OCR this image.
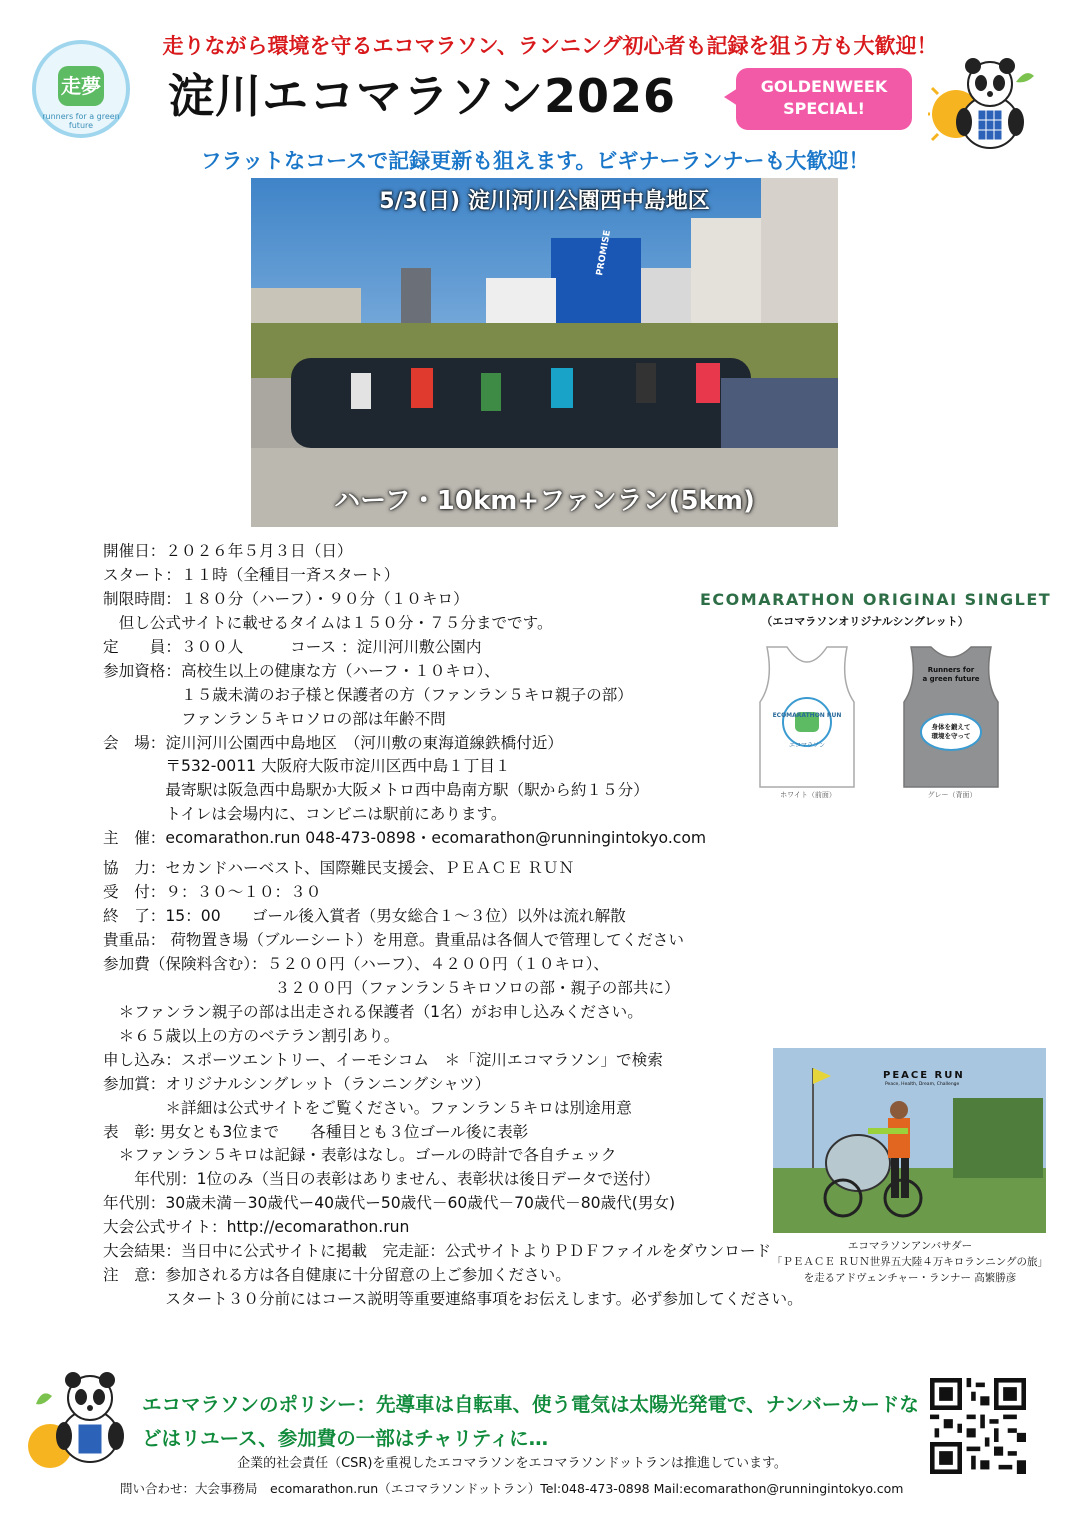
走夢
runners for a green future
走りながら環境を守るエコマラソン、ランニング初心者も記録を狙う方も大歓迎！
淀川エコマラソン2026	GOLDENWEEK
SPECIAL!
フラットなコースで記録更新も狙えます。ビギナーランナーも大歓迎！
5/3(日) 淀川河川公園西中島地区
PROMISE
ハーフ・10km+ファンラン(5km)
開催日：２０２６年５月３日（日）
スタート：１１時（全種目一斉スタート）
制限時間：１８０分（ハーフ）・９０分（１０キロ）
　但し公式サイトに載せるタイムは１５０分・７５分までです。
定　　員：３００人　　　コース ：淀川河川敷公園内
参加資格：高校生以上の健康な方（ハーフ・１０キロ）、
　　　　　１５歳未満のお子様と保護者の方（ファンラン５キロ親子の部）
　　　　　ファンラン５キロソロの部は年齢不問
会　場：淀川河川公園西中島地区　（河川敷の東海道線鉄橋付近）
　　　　〒532-0011 大阪府大阪市淀川区西中島１丁目１
　　　　最寄駅は阪急西中島駅か大阪メトロ西中島南方駅（駅から約１５分）
　　　　トイレは会場内に、コンビニは駅前にあります。
主　催：ecomarathon.run 048-473-0898・ecomarathon@runningintokyo.com
協　力：セカンドハーベスト、国際難民支援会、ＰＥＡＣＥ ＲＵＮ
受　付：９：３０〜１０：３０
終　了：15：00　　ゴール後入賞者（男女総合１〜３位）以外は流れ解散
貴重品： 荷物置き場（ブルーシート）を用意。貴重品は各個人で管理してください
参加費（保険料含む）：５２００円（ハーフ）、４２００円（１０キロ）、
　　　　　　　　　　　３２００円（ファンラン５キロソロの部・親子の部共に）
　＊ファンラン親子の部は出走される保護者（1名）がお申し込みください。
　＊６５歳以上の方のベテラン割引あり。
申し込み：スポーツエントリー、イーモシコム　＊「淀川エコマラソン」で検索
参加賞：オリジナルシングレット（ランニングシャツ）
　　　　＊詳細は公式サイトをご覧ください。ファンラン５キロは別途用意
表　彰: 男女とも3位まで　　各種目とも３位ゴール後に表彰
　＊ファンラン５キロは記録・表彰はなし。ゴールの時計で各自チェック
　　年代別：1位のみ（当日の表彰はありません、表彰状は後日データで送付）
年代別：30歳未満－30歳代ー40歳代ー50歳代－60歳代－70歳代－80歳代(男女)
大会公式サイト：http://ecomarathon.run
大会結果：当日中に公式サイトに掲載　完走証：公式サイトよりＰＤＦファイルをダウンロード
注　意：参加される方は各自健康に十分留意の上ご参加ください。
　　　　スタート３０分前にはコース説明等重要連絡事項をお伝えします。必ず参加してください。
ECOMARATHON ORIGINAI SINGLET
（エコマラソンオリジナルシングレット）
ECOMARATHON RUN
エコマラソン
走夢
Runners for
a green future
身体を鍛えて
環境を守って
ホワイト（前面）	グレー（背面）
PEACE RUN
Peace, Health, Dream, Challenge
エコマラソンアンバサダー
「ＰＥＡＣＥ ＲＵＮ世界五大陸４万キロランニングの旅」
を走るアドヴェンチャー・ランナー 高繁勝彦
エコマラソンのポリシー：先導車は自転車、使う電気は太陽光発電で、ナンバーカードなどはリユース、参加費の一部はチャリティに…
企業的社会責任（CSR)を重視したエコマラソンをエコマラソンドットランは推進しています。
問い合わせ：大会事務局　ecomarathon.run（エコマラソンドットラン）Tel:048-473-0898 Mail:ecomarathon@runningintokyo.com
